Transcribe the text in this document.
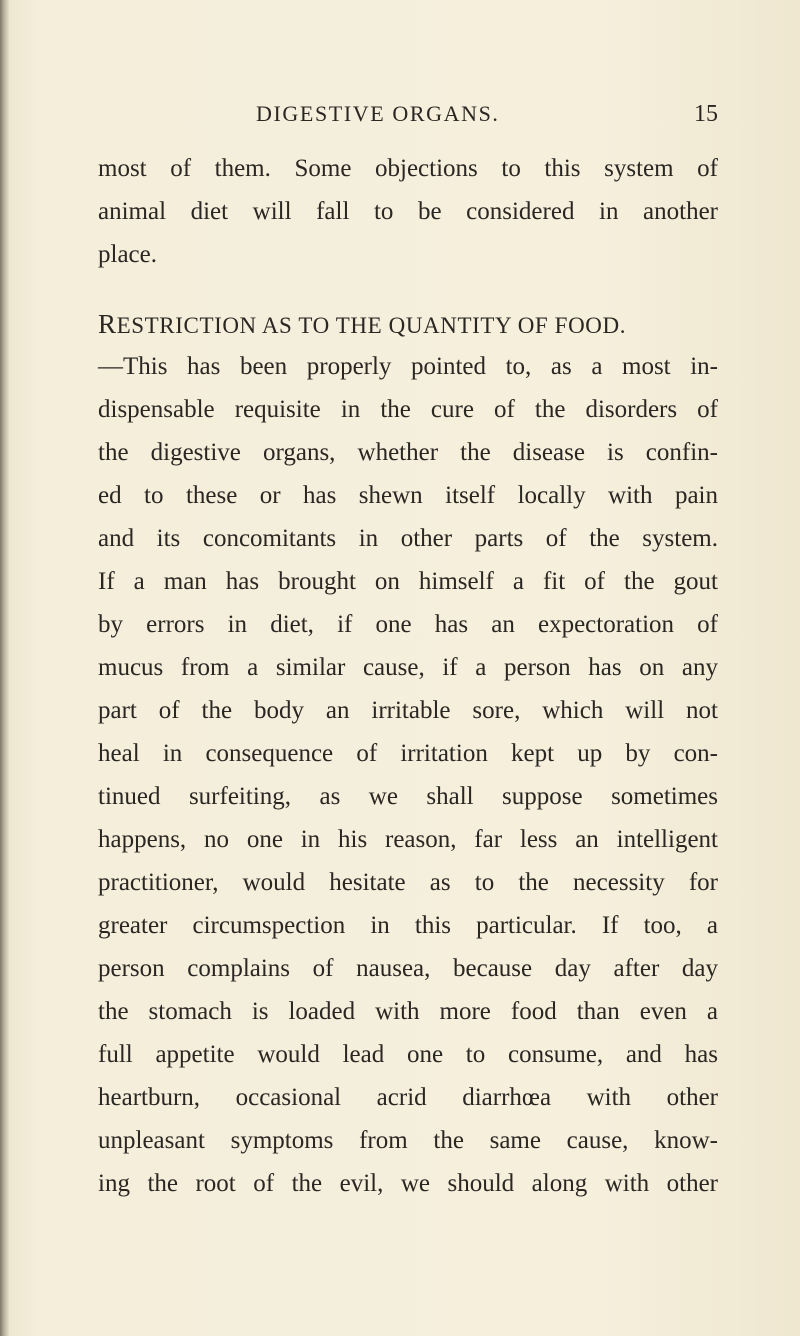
DIGESTIVE ORGANS.	15
most of them. Some objections to this system of
animal diet will fall to be considered in another
place.
RESTRICTION AS TO THE QUANTITY OF FOOD.
—This has been properly pointed to, as a most in-
dispensable requisite in the cure of the disorders of
the digestive organs, whether the disease is confin-
ed to these or has shewn itself locally with pain
and its concomitants in other parts of the system.
If a man has brought on himself a fit of the gout
by errors in diet, if one has an expectoration of
mucus from a similar cause, if a person has on any
part of the body an irritable sore, which will not
heal in consequence of irritation kept up by con-
tinued surfeiting, as we shall suppose sometimes
happens, no one in his reason, far less an intelligent
practitioner, would hesitate as to the necessity for
greater circumspection in this particular. If too, a
person complains of nausea, because day after day
the stomach is loaded with more food than even a
full appetite would lead one to consume, and has
heartburn, occasional acrid diarrhœa with other
unpleasant symptoms from the same cause, know-
ing the root of the evil, we should along with other
